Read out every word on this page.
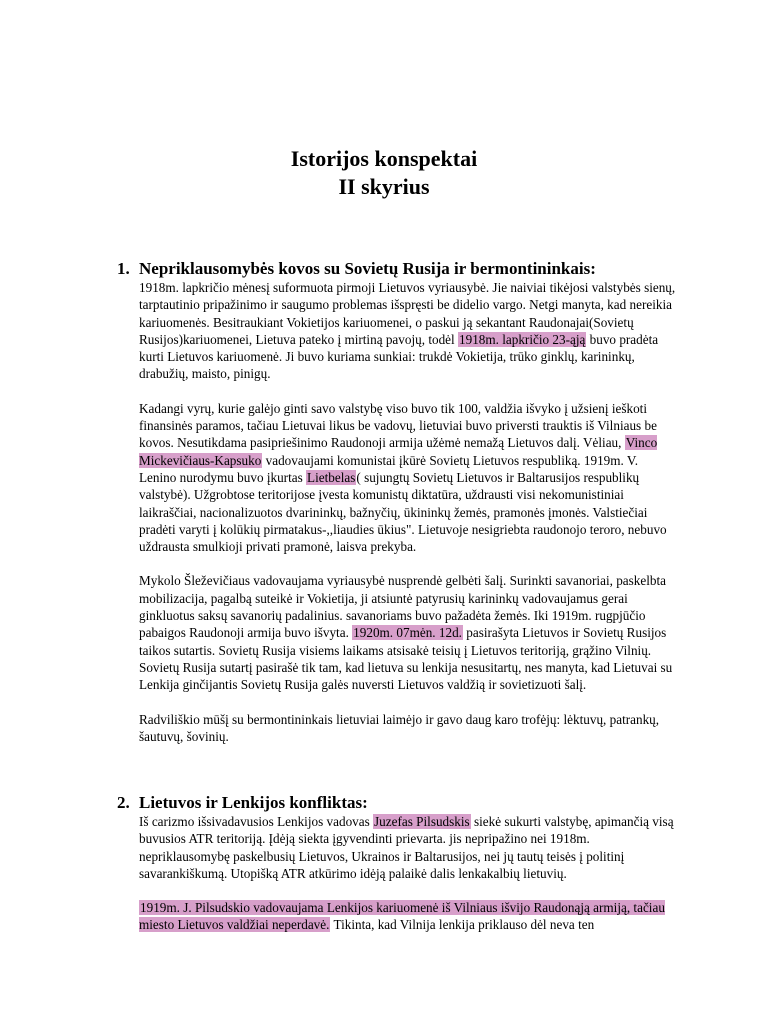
Istorijos konspektai
II skyrius
1. Nepriklausomybės kovos su Sovietų Rusija ir bermontininkais:

1918m. lapkričio mėnesį suformuota pirmoji Lietuvos vyriausybė. Jie naiviai tikėjosi valstybės sienų, tarptautinio pripažinimo ir saugumo problemas išspręsti be didelio vargo. Netgi manyta, kad nereikia kariuomenės. Besitraukiant Vokietijos kariuomenei, o paskui ją sekantant Raudonajai(Sovietų Rusijos)kariuomenei, Lietuva pateko į mirtiną pavojų, todėl 1918m. lapkričio 23-ąją buvo pradėta kurti Lietuvos kariuomenė. Ji buvo kuriama sunkiai: trukdė Vokietija, trūko ginklų, karininkų, drabužių, maisto, pinigų.

Kadangi vyrų, kurie galėjo ginti savo valstybę viso buvo tik 100, valdžia išvyko į užsienį ieškoti finansinės paramos, tačiau Lietuvai likus be vadovų, lietuviai buvo priversti trauktis iš Vilniaus be kovos. Nesutikdama pasipriešinimo Raudonoji armija užėmė nemažą Lietuvos dalį. Vėliau, Vinco Mickevičiaus-Kapsuko vadovaujami komunistai įkūrė Sovietų Lietuvos respubliką. 1919m. V. Lenino nurodymu buvo įkurtas Lietbelas( sujungtų Sovietų Lietuvos ir Baltarusijos respublikų valstybė). Užgrobtose teritorijose įvesta komunistų diktatūra, uždrausti visi nekomunistiniai laikraščiai, nacionalizuotos dvarininkų, bažnyčių, ūkininkų žemės, pramonės įmonės. Valstiečiai pradėti varyti į kolūkių pirmatakus-,,liaudies ūkius". Lietuvoje nesigriebta raudonojo teroro, nebuvo uždrausta smulkioji privati pramonė, laisva prekyba.

Mykolo Šleževičiaus vadovaujama vyriausybė nusprendė gelbėti šalį. Surinkti savanoriai, paskelbta mobilizacija, pagalbą suteikė ir Vokietija, ji atsiuntė patyrusių karininkų vadovaujamus gerai ginkluotus saksų savanorių padalinius. savanoriams buvo pažadėta žemės. Iki 1919m. rugpjūčio pabaigos Raudonoji armija buvo išvyta. 1920m. 07mėn. 12d. pasirašyta Lietuvos ir Sovietų Rusijos taikos sutartis. Sovietų Rusija visiems laikams atsisakė teisių į Lietuvos teritoriją, grąžino Vilnių. Sovietų Rusija sutartį pasirašė tik tam, kad lietuva su lenkija nesusitartų, nes manyta, kad Lietuvai su Lenkija ginčijantis Sovietų Rusija galės nuversti Lietuvos valdžią ir sovietizuoti šalį.

Radviliškio mūšį su bermontininkais lietuviai laimėjo ir gavo daug karo trofėjų: lėktuvų, patrankų, šautuvų, šovinių.

2. Lietuvos ir Lenkijos konfliktas:

Iš carizmo išsivadavusios Lenkijos vadovas Juzefas Pilsudskis siekė sukurti valstybę, apimančią visą buvusios ATR teritoriją. Įdėją siekta įgyvendinti prievarta. jis nepripažino nei 1918m. nepriklausomybę paskelbusių Lietuvos, Ukrainos ir Baltarusijos, nei jų tautų teisės į politinį savarankiškumą. Utopišką ATR atkūrimo idėją palaikė dalis lenkakalbių lietuvių.

1919m. J. Pilsudskio vadovaujama Lenkijos kariuomenė iš Vilniaus išvijo Raudonąją armiją, tačiau miesto Lietuvos valdžiai neperdavė. Tikinta, kad Vilnija lenkija priklauso dėl neva ten
